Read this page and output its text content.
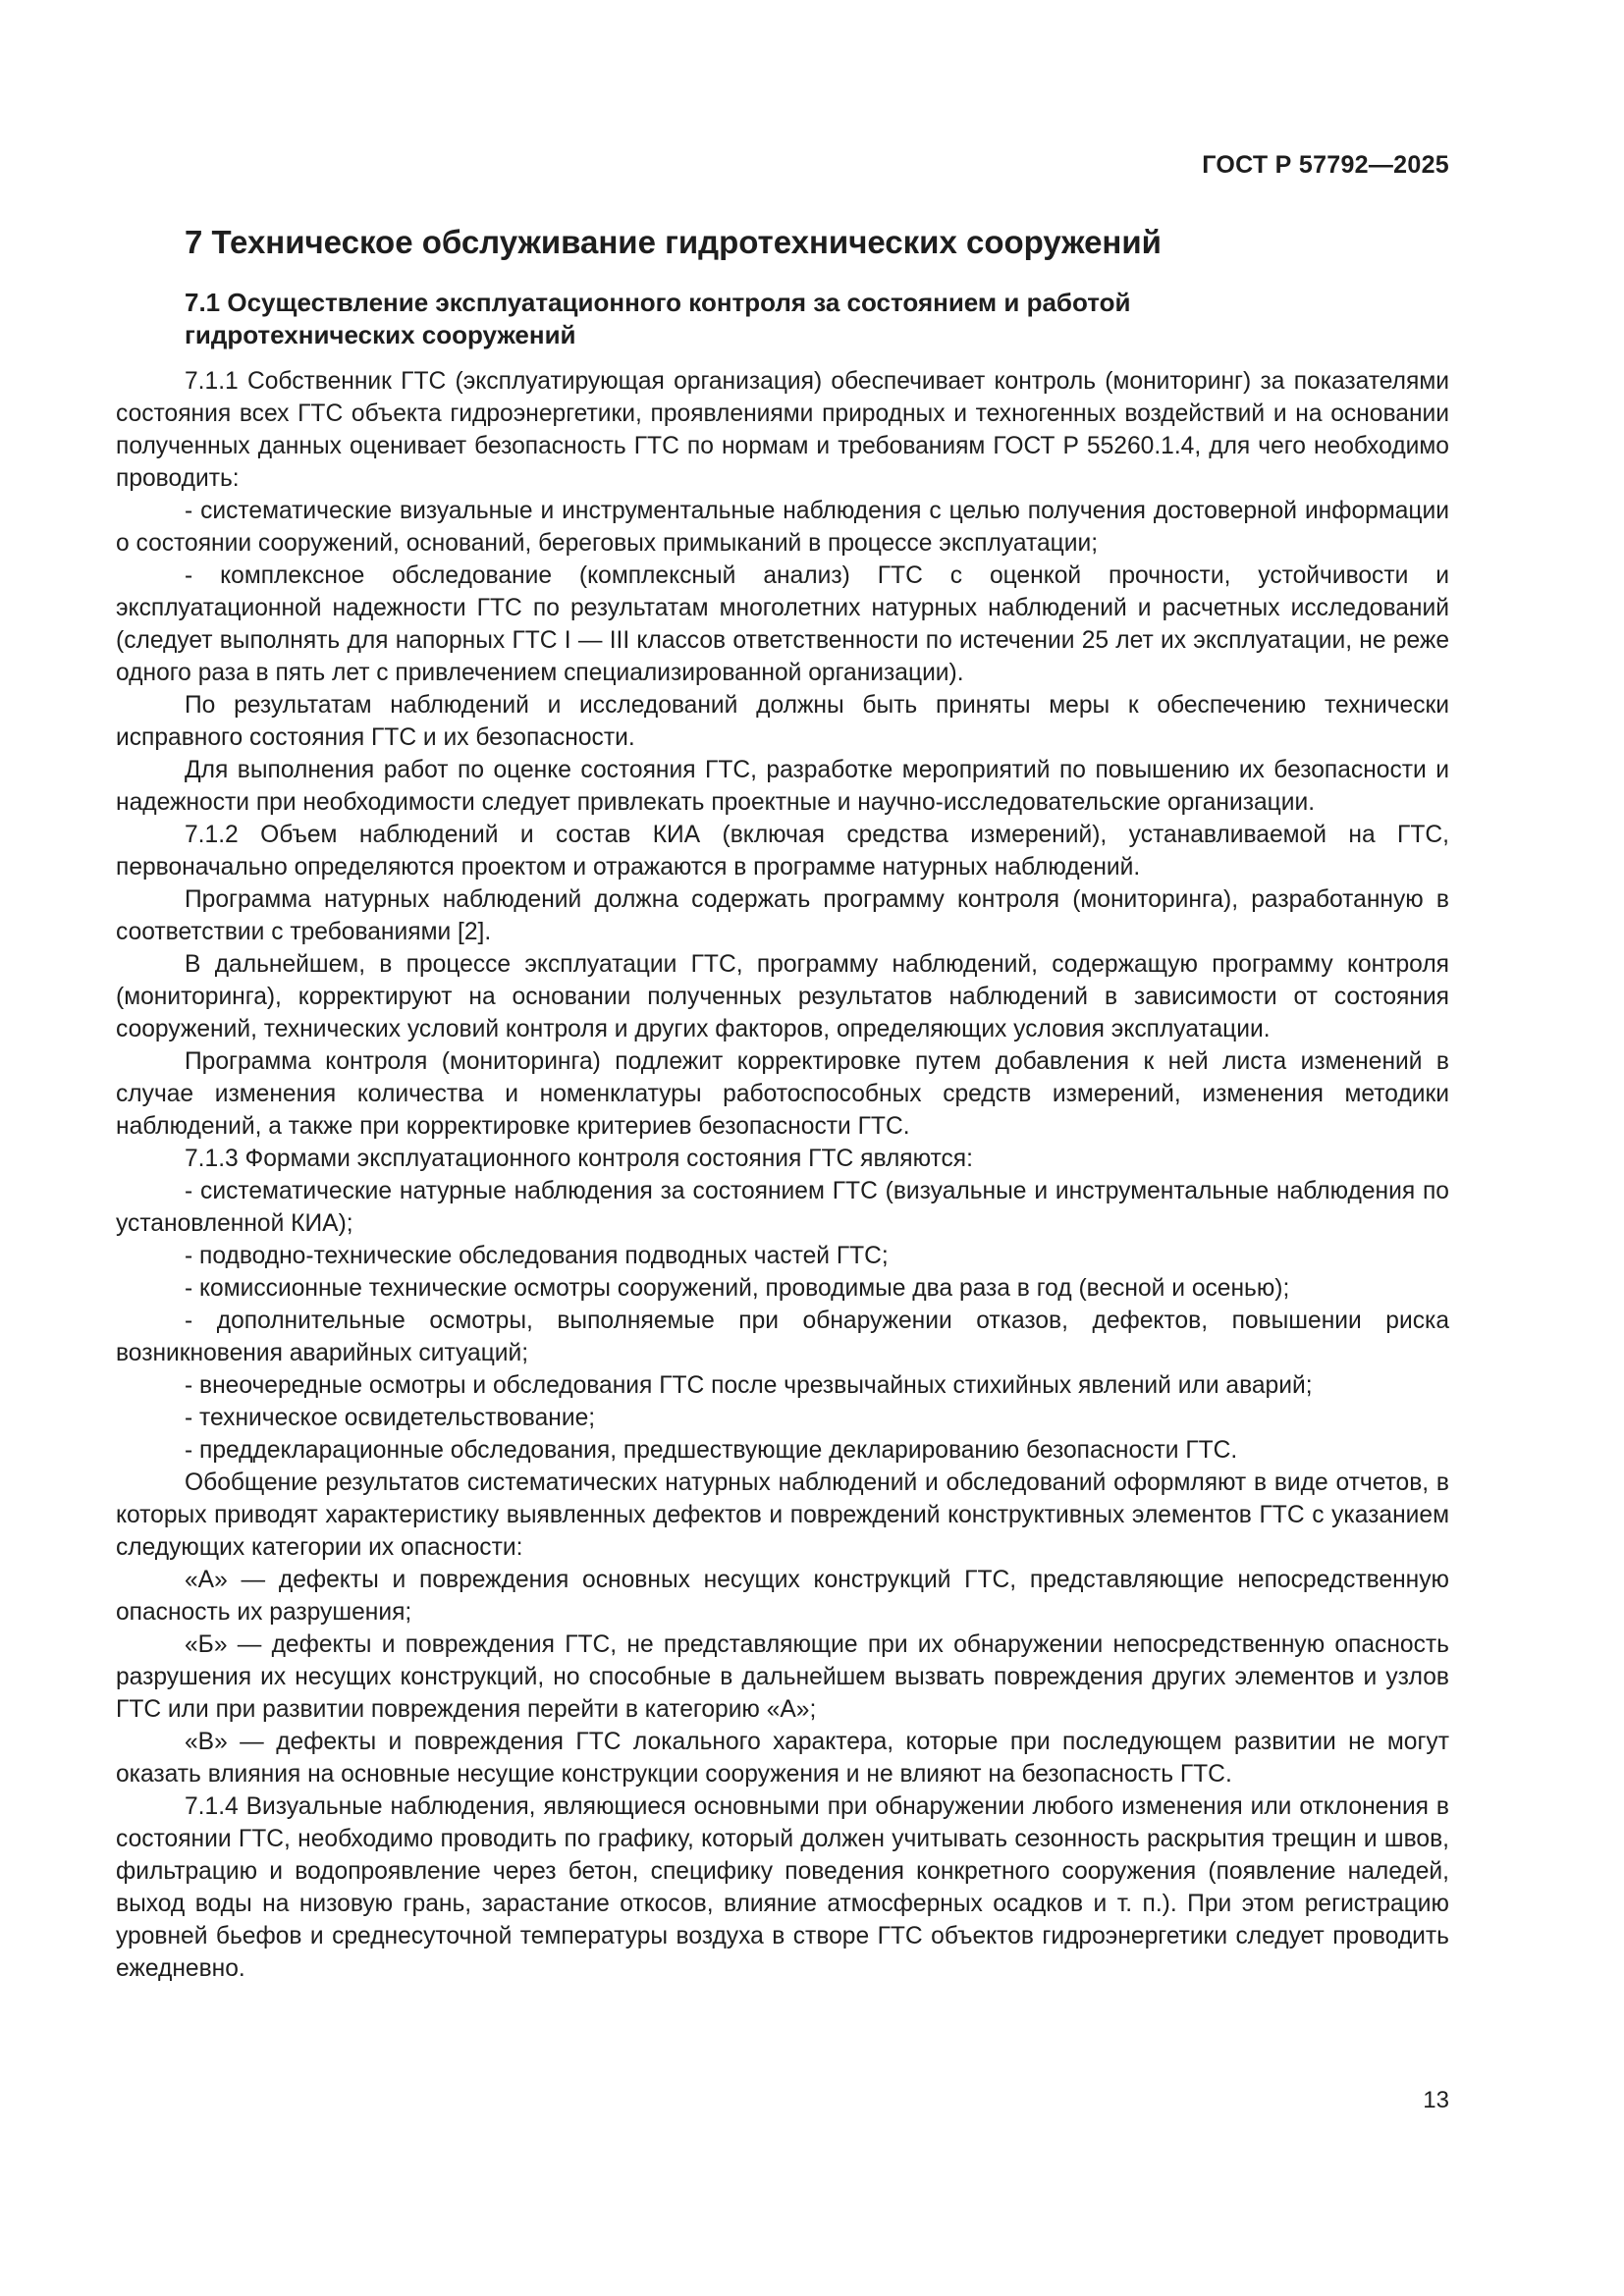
ГОСТ Р 57792—2025
7 Техническое обслуживание гидротехнических сооружений
7.1 Осуществление эксплуатационного контроля за состоянием и работой
гидротехнических сооружений

7.1.1 Собственник ГТС (эксплуатирующая организация) обеспечивает контроль (мониторинг) за показателями состояния всех ГТС объекта гидроэнергетики, проявлениями природных и техногенных воздействий и на основании полученных данных оценивает безопасность ГТС по нормам и требованиям ГОСТ Р 55260.1.4, для чего необходимо проводить:

- систематические визуальные и инструментальные наблюдения с целью получения достоверной информации о состоянии сооружений, оснований, береговых примыканий в процессе эксплуатации;

- комплексное обследование (комплексный анализ) ГТС с оценкой прочности, устойчивости и эксплуатационной надежности ГТС по результатам многолетних натурных наблюдений и расчетных исследований (следует выполнять для напорных ГТС I — III классов ответственности по истечении 25 лет их эксплуатации, не реже одного раза в пять лет с привлечением специализированной организации).

По результатам наблюдений и исследований должны быть приняты меры к обеспечению технически исправного состояния ГТС и их безопасности.

Для выполнения работ по оценке состояния ГТС, разработке мероприятий по повышению их безопасности и надежности при необходимости следует привлекать проектные и научно-исследовательские организации.

7.1.2 Объем наблюдений и состав КИА (включая средства измерений), устанавливаемой на ГТС, первоначально определяются проектом и отражаются в программе натурных наблюдений.

Программа натурных наблюдений должна содержать программу контроля (мониторинга), разработанную в соответствии с требованиями [2].

В дальнейшем, в процессе эксплуатации ГТС, программу наблюдений, содержащую программу контроля (мониторинга), корректируют на основании полученных результатов наблюдений в зависимости от состояния сооружений, технических условий контроля и других факторов, определяющих условия эксплуатации.

Программа контроля (мониторинга) подлежит корректировке путем добавления к ней листа изменений в случае изменения количества и номенклатуры работоспособных средств измерений, изменения методики наблюдений, а также при корректировке критериев безопасности ГТС.

7.1.3 Формами эксплуатационного контроля состояния ГТС являются:

- систематические натурные наблюдения за состоянием ГТС (визуальные и инструментальные наблюдения по установленной КИА);

- подводно-технические обследования подводных частей ГТС;

- комиссионные технические осмотры сооружений, проводимые два раза в год (весной и осенью);

- дополнительные осмотры, выполняемые при обнаружении отказов, дефектов, повышении риска возникновения аварийных ситуаций;

- внеочередные осмотры и обследования ГТС после чрезвычайных стихийных явлений или аварий;

- техническое освидетельствование;

- преддекларационные обследования, предшествующие декларированию безопасности ГТС.

Обобщение результатов систематических натурных наблюдений и обследований оформляют в виде отчетов, в которых приводят характеристику выявленных дефектов и повреждений конструктивных элементов ГТС с указанием следующих категории их опасности:

«А» — дефекты и повреждения основных несущих конструкций ГТС, представляющие непосредственную опасность их разрушения;

«Б» — дефекты и повреждения ГТС, не представляющие при их обнаружении непосредственную опасность разрушения их несущих конструкций, но способные в дальнейшем вызвать повреждения других элементов и узлов ГТС или при развитии повреждения перейти в категорию «А»;

«В» — дефекты и повреждения ГТС локального характера, которые при последующем развитии не могут оказать влияния на основные несущие конструкции сооружения и не влияют на безопасность ГТС.

7.1.4 Визуальные наблюдения, являющиеся основными при обнаружении любого изменения или отклонения в состоянии ГТС, необходимо проводить по графику, который должен учитывать сезонность раскрытия трещин и швов, фильтрацию и водопроявление через бетон, специфику поведения конкретного сооружения (появление наледей, выход воды на низовую грань, зарастание откосов, влияние атмосферных осадков и т. п.). При этом регистрацию уровней бьефов и среднесуточной температуры воздуха в створе ГТС объектов гидроэнергетики следует проводить ежедневно.

13
